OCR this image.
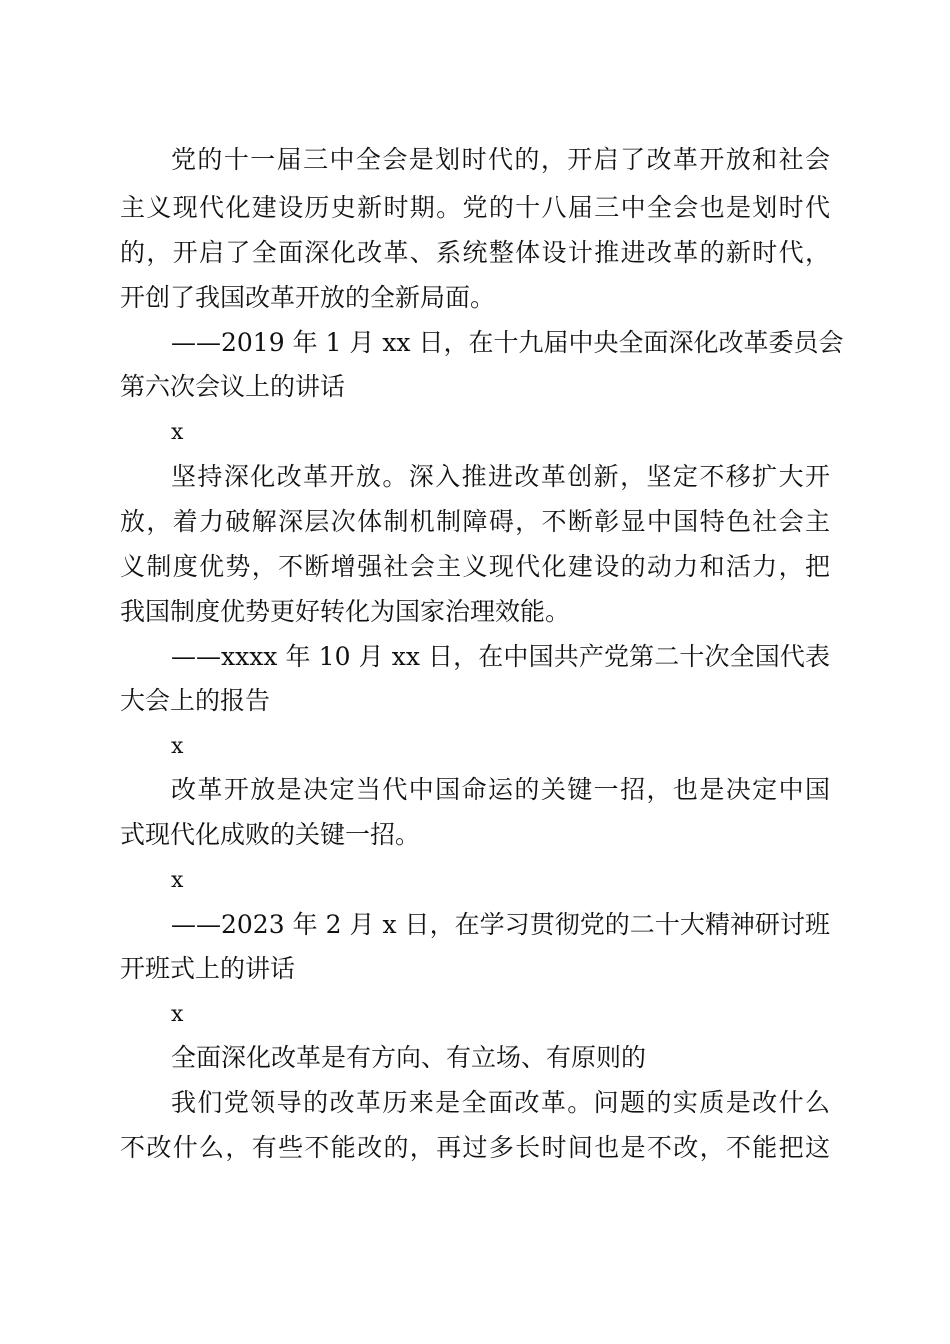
党的十一届三中全会是划时代的，开启了改革开放和社会
主义现代化建设历史新时期。党的十八届三中全会也是划时代
的，开启了全面深化改革、系统整体设计推进改革的新时代，
开创了我国改革开放的全新局面。
——2019 年 1 月 xx 日，在十九届中央全面深化改革委员会
第六次会议上的讲话
x
坚持深化改革开放。深入推进改革创新，坚定不移扩大开
放，着力破解深层次体制机制障碍，不断彰显中国特色社会主
义制度优势，不断增强社会主义现代化建设的动力和活力，把
我国制度优势更好转化为国家治理效能。
——xxxx 年 10 月 xx 日，在中国共产党第二十次全国代表
大会上的报告
x
改革开放是决定当代中国命运的关键一招，也是决定中国
式现代化成败的关键一招。
x
——2023 年 2 月 x 日，在学习贯彻党的二十大精神研讨班
开班式上的讲话
x
全面深化改革是有方向、有立场、有原则的
我们党领导的改革历来是全面改革。问题的实质是改什么
不改什么，有些不能改的，再过多长时间也是不改，不能把这
